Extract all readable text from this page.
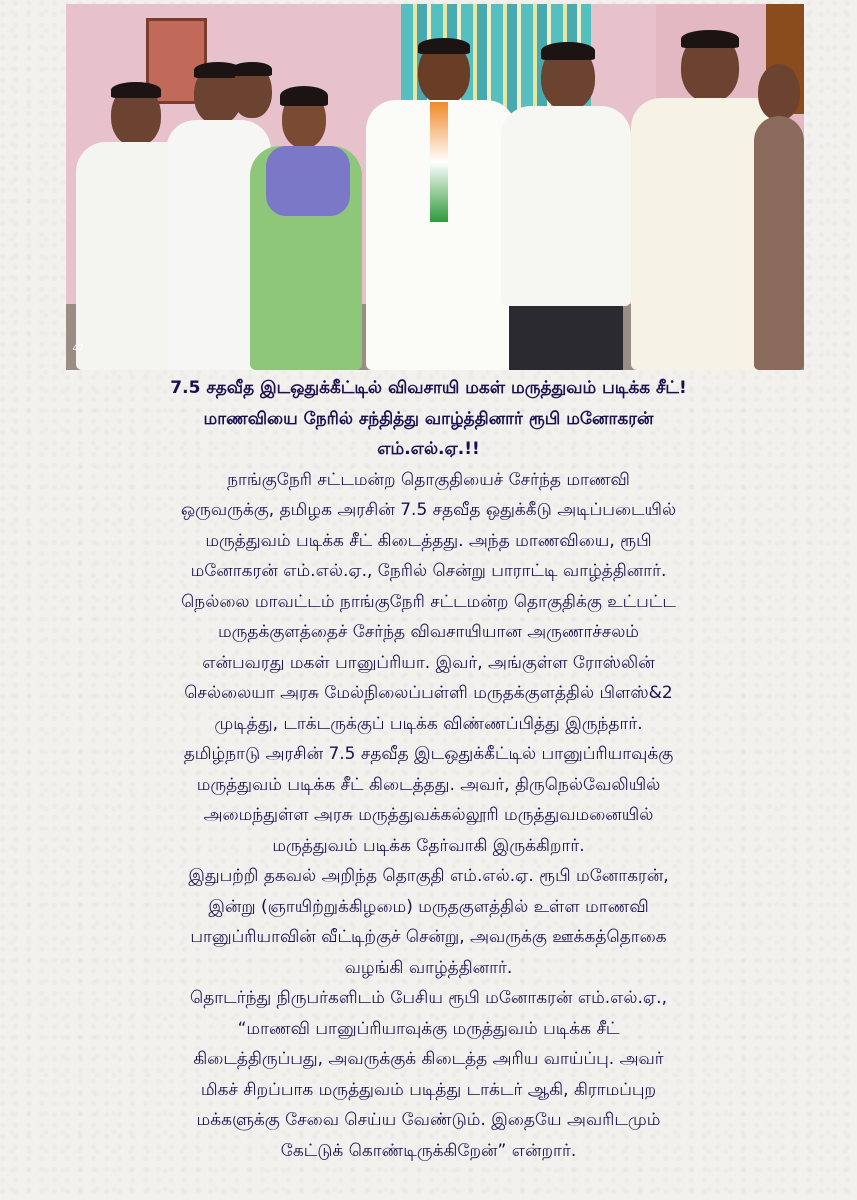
47
7.5 சதவீத இடஒதுக்கீட்டில் விவசாயி மகள் மருத்துவம் படிக்க சீட்!
மாணவியை நேரில் சந்தித்து வாழ்த்தினார் ரூபி மனோகரன்
எம்.எல்.ஏ.!!
நாங்குநேரி சட்டமன்ற தொகுதியைச் சேர்ந்த மாணவி
ஒருவருக்கு, தமிழக அரசின் 7.5 சதவீத ஒதுக்கீடு அடிப்படையில்
மருத்துவம் படிக்க சீட் கிடைத்தது. அந்த மாணவியை, ரூபி
மனோகரன் எம்.எல்.ஏ., நேரில் சென்று பாராட்டி வாழ்த்தினார்.
நெல்லை மாவட்டம் நாங்குநேரி சட்டமன்ற தொகுதிக்கு உட்பட்ட
மருதக்குளத்தைச் சேர்ந்த விவசாயியான அருணாச்சலம்
என்பவரது மகள் பானுப்ரியா. இவர், அங்குள்ள ரோஸ்லின்
செல்லையா அரசு மேல்நிலைப்பள்ளி மருதக்குளத்தில் பிளஸ்&2
முடித்து, டாக்டருக்குப் படிக்க விண்ணப்பித்து இருந்தார்.
தமிழ்நாடு அரசின் 7.5 சதவீத இடஒதுக்கீட்டில் பானுப்ரியாவுக்கு
மருத்துவம் படிக்க சீட் கிடைத்தது. அவர், திருநெல்வேலியில்
அமைந்துள்ள அரசு மருத்துவக்கல்லூரி மருத்துவமனையில்
மருத்துவம் படிக்க தேர்வாகி இருக்கிறார்.
இதுபற்றி தகவல் அறிந்த தொகுதி எம்.எல்.ஏ. ரூபி மனோகரன்,
இன்று (ஞாயிற்றுக்கிழமை) மருதகுளத்தில் உள்ள மாணவி
பானுப்ரியாவின் வீட்டிற்குச் சென்று, அவருக்கு ஊக்கத்தொகை
வழங்கி வாழ்த்தினார்.
தொடர்ந்து நிருபர்களிடம் பேசிய ரூபி மனோகரன் எம்.எல்.ஏ.,
“மாணவி பானுப்ரியாவுக்கு மருத்துவம் படிக்க சீட்
கிடைத்திருப்பது, அவருக்குக் கிடைத்த அரிய வாய்ப்பு. அவர்
மிகச் சிறப்பாக மருத்துவம் படித்து டாக்டர் ஆகி, கிராமப்புற
மக்களுக்கு சேவை செய்ய வேண்டும். இதையே அவரிடமும்
கேட்டுக் கொண்டிருக்கிறேன்” என்றார்.
